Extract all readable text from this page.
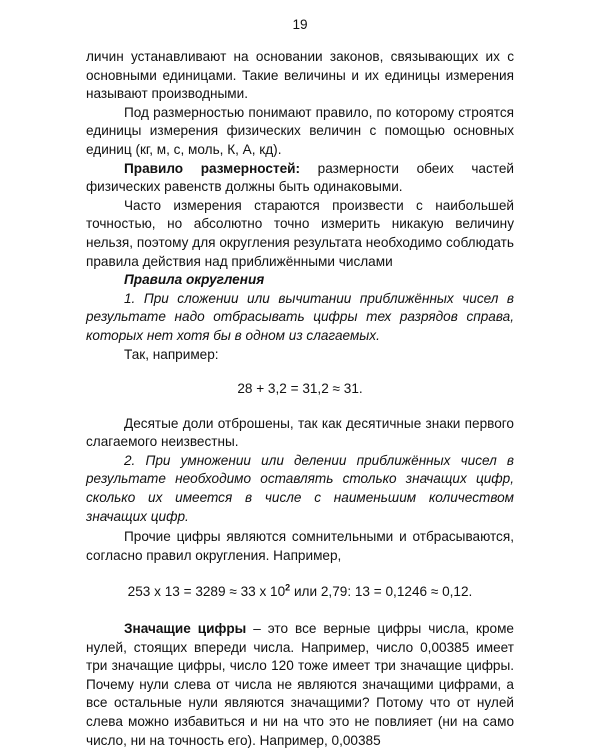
19

личин устанавливают на основании законов, связывающих их с основными единицами. Такие величины и их единицы измерения называют производными.

Под размерностью понимают правило, по которому строятся единицы измерения физических величин с помощью основных единиц (кг, м, с, моль, К, А, кд).

Правило размерностей: размерности обеих частей физических равенств должны быть одинаковыми.

Часто измерения стараются произвести с наибольшей точностью, но абсолютно точно измерить никакую величину нельзя, поэтому для округления результата необходимо соблюдать правила действия над приближёнными числами

Правила округления

1. При сложении или вычитании приближённых чисел в результате надо отбрасывать цифры тех разрядов справа, которых нет хотя бы в одном из слагаемых.

Так, например:

28 + 3,2 = 31,2 ≈ 31.

Десятые доли отброшены, так как десятичные знаки первого слагаемого неизвестны.

2. При умножении или делении приближённых чисел в результате необходимо оставлять столько значащих цифр, сколько их имеется в числе с наименьшим количеством значащих цифр.

Прочие цифры являются сомнительными и отбрасываются, согласно правил округления. Например,

253 х 13 = 3289 ≈ 33 х $10^2$ или 2,79: 13 = 0,1246 ≈ 0,12.

Значащие цифры – это все верные цифры числа, кроме нулей, стоящих впереди числа. Например, число 0,00385 имеет три значащие цифры, число 120 тоже имеет три значащие цифры. Почему нули слева от числа не являются значащими цифрами, а все остальные нули являются значащими? Потому что от нулей слева можно избавиться и ни на что это не повлияет (ни на само число, ни на точность его). Например, 0,00385
